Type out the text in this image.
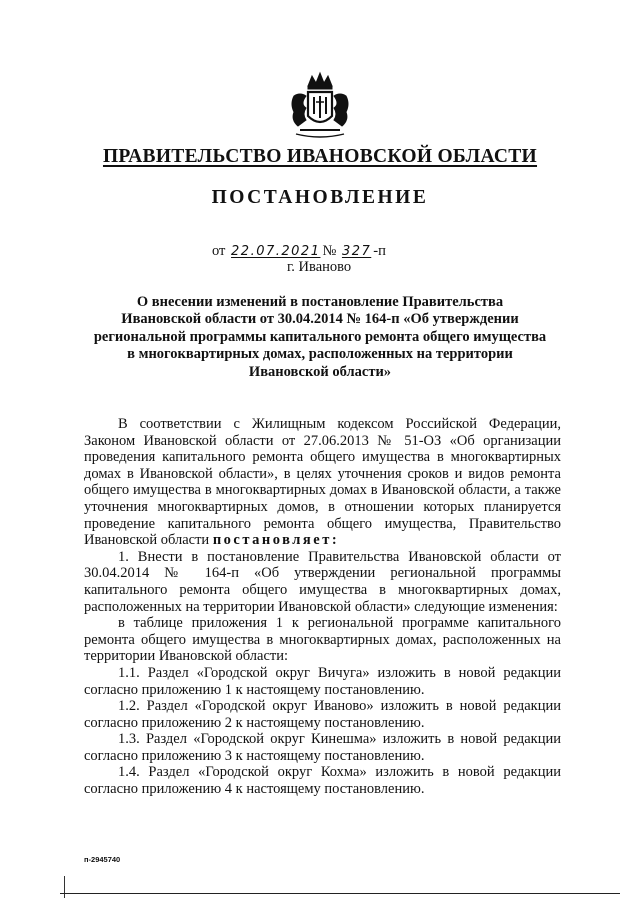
ПРАВИТЕЛЬСТВО ИВАНОВСКОЙ ОБЛАСТИ
ПОСТАНОВЛЕНИЕ
от 22.07.2021 № 327 -п
г. Иваново
О внесении изменений в постановление Правительства
Ивановской области от 30.04.2014 № 164-п «Об утверждении
региональной программы капитального ремонта общего имущества
в многоквартирных домах, расположенных на территории
Ивановской области»

В соответствии с Жилищным кодексом Российской Федерации, Законом Ивановской области от 27.06.2013 № 51-ОЗ «Об организации проведения капитального ремонта общего имущества в многоквартирных домах в Ивановской области», в целях уточнения сроков и видов ремонта общего имущества в многоквартирных домах в Ивановской области, а также уточнения многоквартирных домов, в отношении которых планируется проведение капитального ремонта общего имущества, Правительство Ивановской области постановляет:

1. Внести в постановление Правительства Ивановской области от 30.04.2014 № 164-п «Об утверждении региональной программы капитального ремонта общего имущества в многоквартирных домах, расположенных на территории Ивановской области» следующие изменения:

в таблице приложения 1 к региональной программе капитального ремонта общего имущества в многоквартирных домах, расположенных на территории Ивановской области:

1.1. Раздел «Городской округ Вичуга» изложить в новой редакции согласно приложению 1 к настоящему постановлению.

1.2. Раздел «Городской округ Иваново» изложить в новой редакции согласно приложению 2 к настоящему постановлению.

1.3. Раздел «Городской округ Кинешма» изложить в новой редакции согласно приложению 3 к настоящему постановлению.

1.4. Раздел «Городской округ Кохма» изложить в новой редакции согласно приложению 4 к настоящему постановлению.

п-2945740
